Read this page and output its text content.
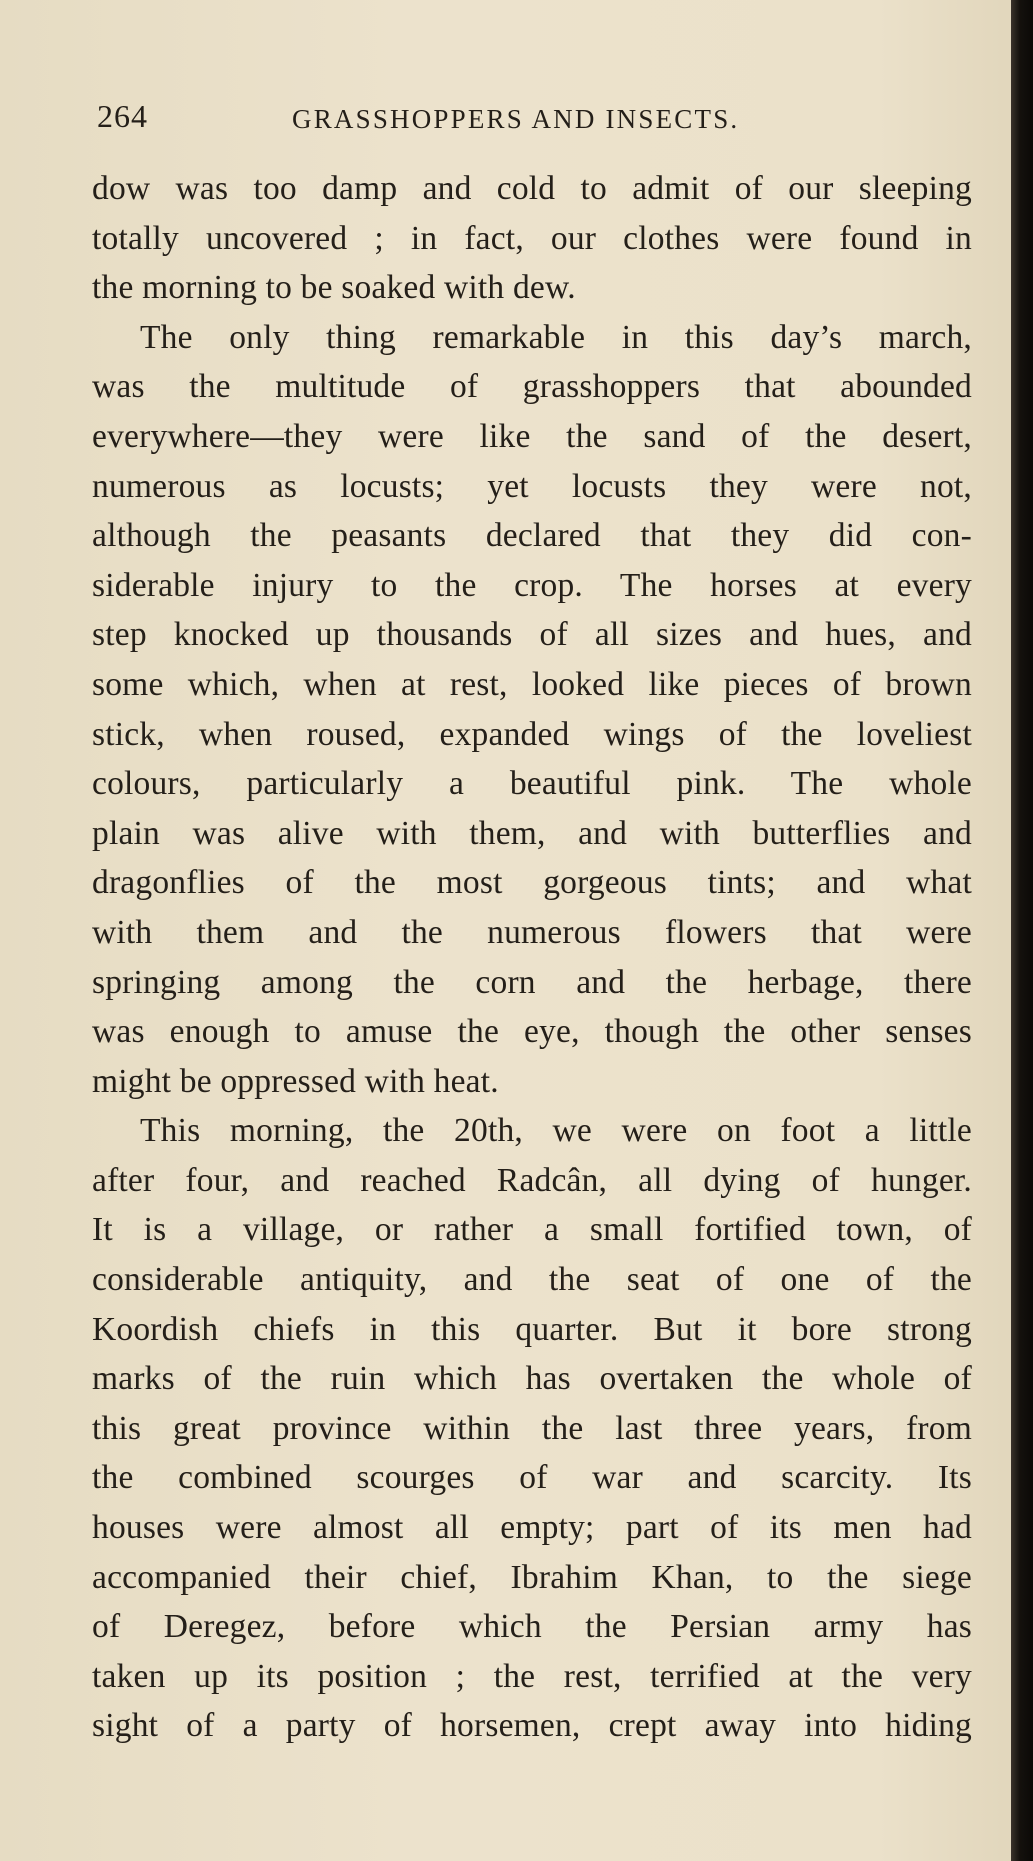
264	GRASSHOPPERS AND INSECTS.
dow was too damp and cold to admit of our sleeping
totally uncovered ; in fact, our clothes were found in
the morning to be soaked with dew.
The only thing remarkable in this day’s march,
was the multitude of grasshoppers that abounded
everywhere—they were like the sand of the desert,
numerous as locusts; yet locusts they were not,
although the peasants declared that they did con-
siderable injury to the crop. The horses at every
step knocked up thousands of all sizes and hues, and
some which, when at rest, looked like pieces of brown
stick, when roused, expanded wings of the loveliest
colours, particularly a beautiful pink. The whole
plain was alive with them, and with butterflies and
dragonflies of the most gorgeous tints; and what
with them and the numerous flowers that were
springing among the corn and the herbage, there
was enough to amuse the eye, though the other senses
might be oppressed with heat.
This morning, the 20th, we were on foot a little
after four, and reached Radcân, all dying of hunger.
It is a village, or rather a small fortified town, of
considerable antiquity, and the seat of one of the
Koordish chiefs in this quarter. But it bore strong
marks of the ruin which has overtaken the whole of
this great province within the last three years, from
the combined scourges of war and scarcity. Its
houses were almost all empty; part of its men had
accompanied their chief, Ibrahim Khan, to the siege
of Deregez, before which the Persian army has
taken up its position ; the rest, terrified at the very
sight of a party of horsemen, crept away into hiding
